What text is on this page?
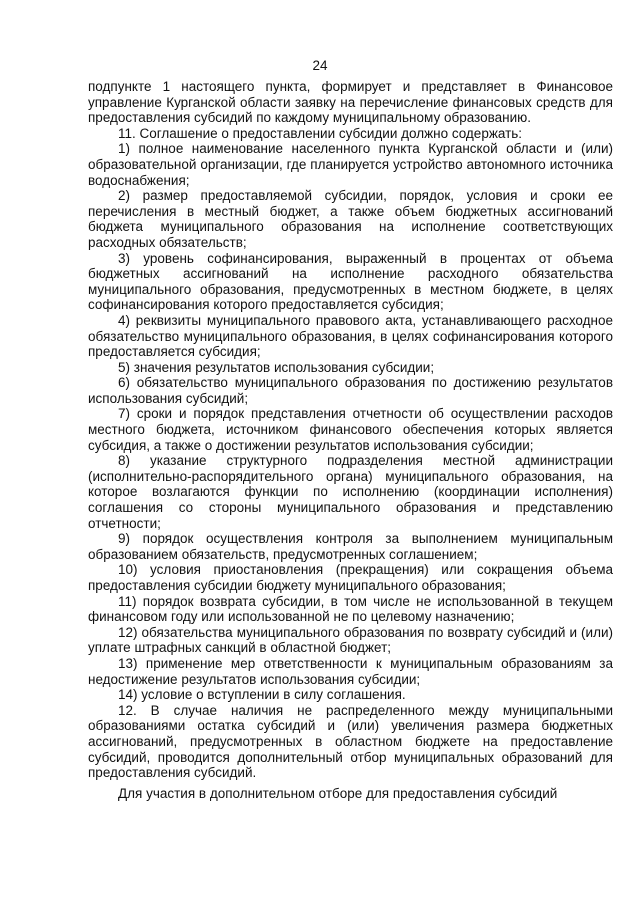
24

подпункте 1 настоящего пункта, формирует и представляет в Финансовое управление Курганской области заявку на перечисление финансовых средств для предоставления субсидий по каждому муниципальному образованию.

11. Соглашение о предоставлении субсидии должно содержать:

1) полное наименование населенного пункта Курганской области и (или) образовательной организации, где планируется устройство автономного источника водоснабжения;

2) размер предоставляемой субсидии, порядок, условия и сроки ее перечисления в местный бюджет, а также объем бюджетных ассигнований бюджета муниципального образования на исполнение соответствующих расходных обязательств;

3) уровень софинансирования, выраженный в процентах от объема бюджетных ассигнований на исполнение расходного обязательства муниципального образования, предусмотренных в местном бюджете, в целях софинансирования которого предоставляется субсидия;

4) реквизиты муниципального правового акта, устанавливающего расходное обязательство муниципального образования, в целях софинансирования которого предоставляется субсидия;

5) значения результатов использования субсидии;

6) обязательство муниципального образования по достижению результатов использования субсидий;

7) сроки и порядок представления отчетности об осуществлении расходов местного бюджета, источником финансового обеспечения которых является субсидия, а также о достижении результатов использования субсидии;

8) указание структурного подразделения местной администрации (исполнительно-распорядительного органа) муниципального образования, на которое возлагаются функции по исполнению (координации исполнения) соглашения со стороны муниципального образования и представлению отчетности;

9) порядок осуществления контроля за выполнением муниципальным образованием обязательств, предусмотренных соглашением;

10) условия приостановления (прекращения) или сокращения объема предоставления субсидии бюджету муниципального образования;

11) порядок возврата субсидии, в том числе не использованной в текущем финансовом году или использованной не по целевому назначению;

12) обязательства муниципального образования по возврату субсидий и (или) уплате штрафных санкций в областной бюджет;

13) применение мер ответственности к муниципальным образованиям за недостижение результатов использования субсидии;

14) условие о вступлении в силу соглашения.

12. В случае наличия не распределенного между муниципальными образованиями остатка субсидий и (или) увеличения размера бюджетных ассигнований, предусмотренных в областном бюджете на предоставление субсидий, проводится дополнительный отбор муниципальных образований для предоставления субсидий.

Для участия в дополнительном отборе для предоставления субсидий
